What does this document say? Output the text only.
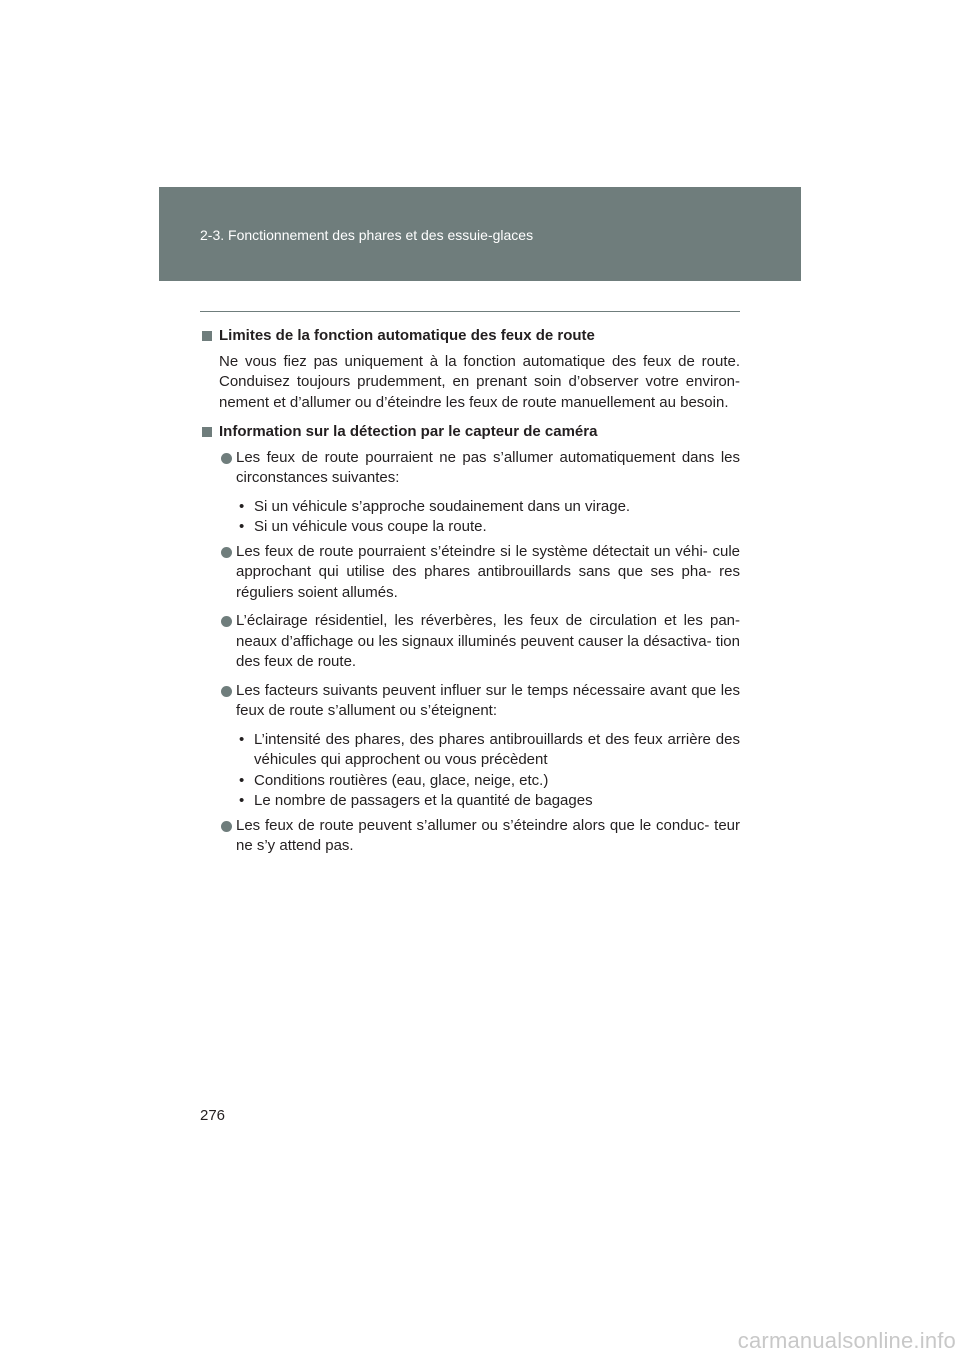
2-3. Fonctionnement des phares et des essuie-glaces

Limites de la fonction automatique des feux de route

Ne vous fiez pas uniquement à la fonction automatique des feux de route. Conduisez toujours prudemment, en prenant soin d’observer votre environ- nement et d’allumer ou d’éteindre les feux de route manuellement au besoin.

Information sur la détection par le capteur de caméra

Les feux de route pourraient ne pas s’allumer automatiquement dans les circonstances suivantes:

• Si un véhicule s’approche soudainement dans un virage.

• Si un véhicule vous coupe la route.

Les feux de route pourraient s’éteindre si le système détectait un véhi- cule approchant qui utilise des phares antibrouillards sans que ses pha- res réguliers soient allumés.

L’éclairage résidentiel, les réverbères, les feux de circulation et les pan- neaux d’affichage ou les signaux illuminés peuvent causer la désactiva- tion des feux de route.

Les facteurs suivants peuvent influer sur le temps nécessaire avant que les feux de route s’allument ou s’éteignent:

• L’intensité des phares, des phares antibrouillards et des feux arrière des véhicules qui approchent ou vous précèdent

• Conditions routières (eau, glace, neige, etc.)

• Le nombre de passagers et la quantité de bagages

Les feux de route peuvent s’allumer ou s’éteindre alors que le conduc- teur ne s’y attend pas.

276
carmanualsonline.info
